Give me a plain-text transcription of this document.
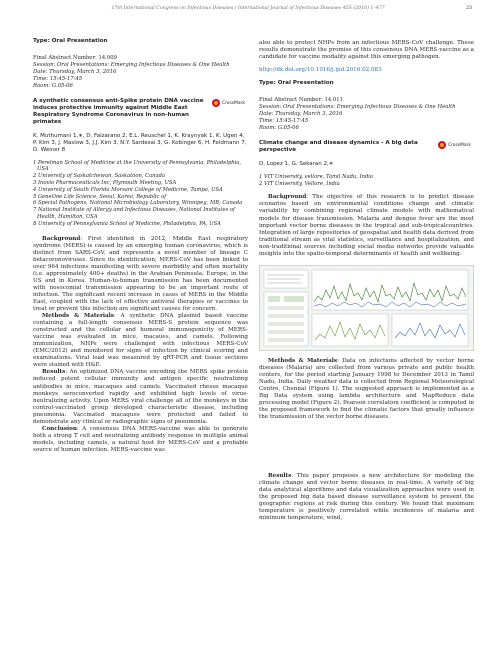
17th International Congress on Infectious Diseases / International Journal of Infectious Diseases 45S (2016) 1–477	23
Type: Oral Presentation
Final Abstract Number: 14.009
Session: Oral Presentations: Emerging Infectious Diseases & One Health
Date: Thursday, March 3, 2016
Time: 15:45-17:45
Room: G.05-06
A synthetic consensus anti-Spike protein DNA vaccine induces protective immunity against Middle East Respiratory Syndrome Coronavirus in non-human primates
CrossMark
K. Muthumani 1,∗, D. Falzarano 2, E.L. Reuschel 1, K. Kraynyak 1, K. Ugen 4, P. Kim 3, J. Maslow 3, J.J. Kim 3, N.Y. Sardesai 3, G. Kobinger 6, H. Feldmann 7, D. Weiner 8
1 Perelman School of Medicine at the University of Pennsylvania, Philadelphia, USA
2 University of Saskatchewan, Saskatoon, Canada
3 Inovio Pharmaceuticals Inc, Plymouth Meeting, USA
4 University of South Florida Morsani College of Medicine, Tampa, USA
5 GeneOne Life Science, Seoul, Korea, Republic of
6 Special Pathogens, National Microbiology Laboratory, Winnipeg, MB, Canada
7 National Institute of Allergy and Infectious Diseases, National Institutes of Health, Hamilton, USA
8 University of Pennsylvania School of Medicine, Philadelphia, PA, USA

Background: First identified in 2012, Middle East respiratory syndrome (MERS) is caused by an emerging human coronavirus, which is distinct from SARS-CoV, and represents a novel member of lineage C betacoronoviruses. Since its identification, MERS-CoV has been linked to over 964 infections manifesting with severe morbidity and often mortality (i.e. approximately 400+ deaths) in the Arabian Peninsula, Europe, in the US and in Korea. Human-to-human transmission has been documented with nosocomial transmission appearing to be an important route of infection. The significant recent increase in cases of MERS in the Middle East, coupled with the lack of effective antiviral therapies or vaccines to treat or prevent this infection are significant causes for concern.

Methods & Materials: A synthetic DNA plasmid based vaccine containing a full-length consensus MERS-S protein sequence was constructed and the cellular and humoral immunogenicity of MERS-vaccine was evaluated in mice, macaues, and camels. Following immunization, NHPs were challenged with infectious MERS-CoV (EMC/2012) and monitored for signs of infection by clinical scoring and examinations. Viral load was measured by qRT-PCR and tissue sections were stained with H&E.

Results: An optimized DNA vaccine encoding the MERS spike protein induced potent cellular immunity and antigen specific neutralizing antibodies in mice, macaques and camels. Vaccinated rhesus macaque monkeys seroconverted rapidly and exhibited high levels of virus-neutralizing activity. Upon MERS viral challenge all of the monkeys in the control-vaccinated group developed characteristic disease, including pneumonia. Vaccinated macaques were protected and failed to demonstrate any clinical or radiographic signs of pneumonia.

Conclusion: A consensus DNA MERS-vaccine was able to generate both a strong T cell and neutralizing antibody response in multiple animal models, including camels, a natural host for MERS-CoV and a probable source of human infection. MERS-vaccine was

also able to protect NHPs from an infectious MERS-CoV challenge. These results demonstrate the promise of this consensus DNA MERS-vaccine as a candidate for vaccine modality against this emerging pathogen.

http://dx.doi.org/10.1016/j.ijid.2016.02.083
Type: Oral Presentation
Final Abstract Number: 14.011
Session: Oral Presentations: Emerging Infectious Diseases & One Health
Date: Thursday, March 3, 2016
Time: 15:45-17:45
Room: G.05-06
Climate change and disease dynamics - A big data perspective
CrossMark
D. Lopez 1, G. Sekaran 2,∗
1 VIT University, vellore, Tamil Nadu, India
2 VIT University, Vellore, India

Background: The objective of this research is to predict disease scenarios based on environmental conditions change and climatic variability by combining regional climate models with mathematical models for disease transmission. Malaria and dengue fever are the most important vector borne diseases in the tropical and sub-tropicalcountries. Integration of large repositories of geospatial and health data derived from traditional stream as vital statistics, surveillance and hospitalization, and non-traditional sources including social media networks provide valuable insights into the spatio-temporal determinants of health and wellbeing.

Methods & Materials: Data on infections affected by vector borne diseases (Malaria) are collected from various private and public health centers, for the period starting January 1998 to December 2013 in Tamil Nadu, India. Daily weather data is collected from Regional Meteorological Centre, Chennai (Figure 1). The suggested approach is implemented as a Big Data system using lambda architecture and MapReduce data processing model (Figure 2). Pearson correlation coefficient is computed in the proposed framework to find the climatic factors that greatly influence the transmission of the vector borne diseases.

Results: This paper proposes a new architecture for modeling the climate change and vector borne diseases in real-time. A variety of big data analytical algorithms and data visualization approaches were used in the proposed big data based disease surveillance system to present the geographic regions at risk during this century. We found that maximum temperature is positively correlated while incidences of malaria and minimum temperature, wind,
